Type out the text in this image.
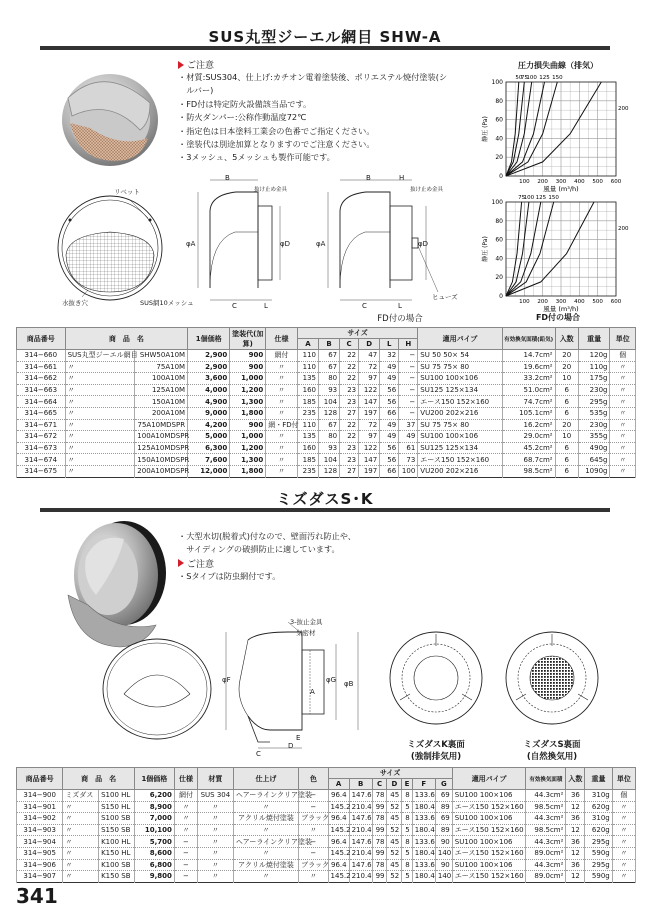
SUS丸型ジーエル網目 SHW-A
ご注意
・材質:SUS304、仕上げ:カチオン電着塗装後、ポリエステル焼付塗装(シ
　ルバー)
・FD付は特定防火設備該当品です。
・防火ダンパー:公称作動温度72℃
・指定色は日本塗料工業会の色番でご指定ください。
・塗装代は別途加算となりますのでご注意ください。
・3メッシュ、5メッシュも製作可能です。
圧力損失曲線（排気）
0
20
40
60
80
100
100 200 300 400 500 600
静圧 (Pa)
風量 (m³/h)
50
75
100 125 150
200
0
20
40
60
80
100
100 200 300 400 500 600
静圧 (Pa)
風量 (m³/h)
75
100 125 150
200
FD付の場合
リベット
水抜き穴	SUS網10メッシュ
B
抜け止め金具
φA	φD
C	L
B	H
抜け止め金具
φA	φD
C	L
ヒューズ
FD付の場合
商品番号	商　品　名		1個価格	塗装代(加算)	仕様	サイズ						適用パイプ	有効換気面積(鉛気)	入数	重量	単位
						A	B	C	D	L	H					
314−660	SUS丸型ジーエル網目 SHW	50A10M	2,900	900	網付	110	67	22	47	32	−	SU 50 50× 54	14.7cm²	20	120g	個
314−661	〃	75A10M	2,900	900	〃	110	67	22	72	49	−	SU 75 75× 80	19.6cm²	20	110g	〃
314−662	〃	100A10M	3,600	1,000	〃	135	80	22	97	49	−	SU100 100×106	33.2cm²	10	175g	〃
314−663	〃	125A10M	4,000	1,200	〃	160	93	23	122	56	−	SU125 125×134	51.0cm²	6	230g	〃
314−664	〃	150A10M	4,900	1,300	〃	185	104	23	147	56	−	エース150 152×160	74.7cm²	6	295g	〃
314−665	〃	200A10M	9,000	1,800	〃	235	128	27	197	66	−	VU200 202×216	105.1cm²	6	535g	〃
314−671	〃	75A10MDSPR	4,200	900	網・FD付	110	67	22	72	49	37	SU 75 75× 80	16.2cm²	20	230g	〃
314−672	〃	100A10MDSPR	5,000	1,000	〃	135	80	22	97	49	49	SU100 100×106	29.0cm²	10	355g	〃
314−673	〃	125A10MDSPR	6,300	1,200	〃	160	93	23	122	56	61	SU125 125×134	45.2cm²	6	490g	〃
314−674	〃	150A10MDSPR	7,600	1,300	〃	185	104	23	147	56	73	エース150 152×160	68.7cm²	6	645g	〃
314−675	〃	200A10MDSPR	12,000	1,800	〃	235	128	27	197	66	100	VU200 202×216	98.5cm²	6	1090g	〃
ミズダスS･K
・大型水切(脱着式)付なので、壁面汚れ防止や、
　サイディングの破損防止に適しています。
ご注意
・Sタイプは防虫網付です。
3-抜止金具
気密材
φF	φG
A
φB
C
D
E
ミズダスK裏面
(強制排気用)
ミズダスS裏面
(自然換気用)
商品番号	商　品　名		1個価格	仕様	材質	仕上げ	色	サイズ							適用パイプ	有効換気面積	入数	重量	単位
								A	B	C	D	E	F	G					
314−900	ミズダス	S100 HL	6,200	網付	SUS 304	ヘアーラインクリア塗装	−	96.4	147.6	78	45	8	133.6	69	SU100 100×106	44.3cm²	36	310g	個
314−901	〃	S150 HL	8,900	〃	〃	〃	−	145.2	210.4	99	52	5	180.4	89	エース150 152×160	98.5cm²	12	620g	〃
314−902	〃	S100 SB	7,000	〃	〃	アクリル焼付塗装	ブラック	96.4	147.6	78	45	8	133.6	69	SU100 100×106	44.3cm²	36	310g	〃
314−903	〃	S150 SB	10,100	〃	〃	〃	〃	145.2	210.4	99	52	5	180.4	89	エース150 152×160	98.5cm²	12	620g	〃
314−904	〃	K100 HL	5,700	−	〃	ヘアーラインクリア塗装	−	96.4	147.6	78	45	8	133.6	90	SU100 100×106	44.3cm²	36	295g	〃
314−905	〃	K150 HL	8,600	−	〃	〃	−	145.2	210.4	99	52	5	180.4	140	エース150 152×160	89.0cm²	12	590g	〃
314−906	〃	K100 SB	6,800	−	〃	アクリル焼付塗装	ブラック	96.4	147.6	78	45	8	133.6	90	SU100 100×106	44.3cm²	36	295g	〃
314−907	〃	K150 SB	9,800	−	〃	〃	〃	145.2	210.4	99	52	5	180.4	140	エース150 152×160	89.0cm²	12	590g	〃
341
